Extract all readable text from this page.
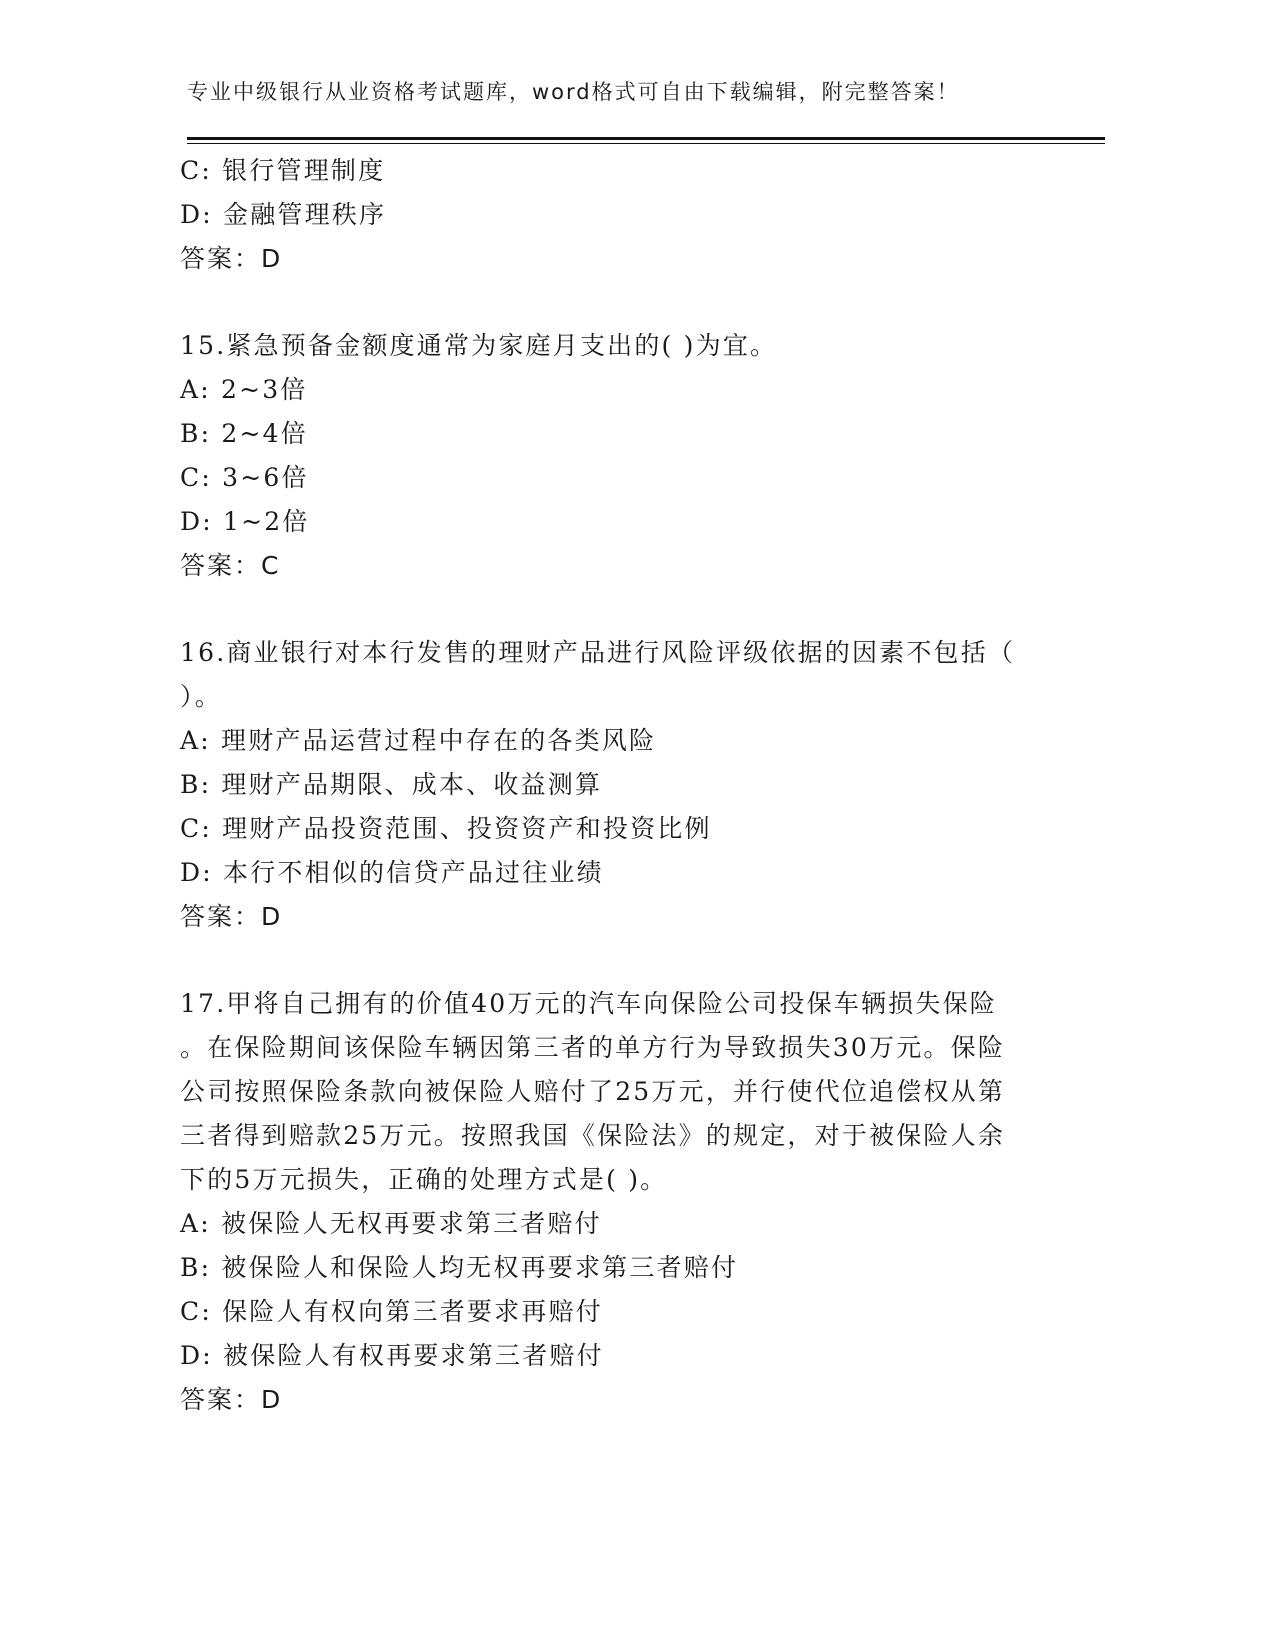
专业中级银行从业资格考试题库，word格式可自由下载编辑，附完整答案！
C: 银行管理制度
D: 金融管理秩序
答案：D
15.紧急预备金额度通常为家庭月支出的( )为宜。
A: 2~3倍
B: 2~4倍
C: 3~6倍
D: 1~2倍
答案：C
16.商业银行对本行发售的理财产品进行风险评级依据的因素不包括（
）。
A: 理财产品运营过程中存在的各类风险
B: 理财产品期限、成本、收益测算
C: 理财产品投资范围、投资资产和投资比例
D: 本行不相似的信贷产品过往业绩
答案：D
17.甲将自己拥有的价值40万元的汽车向保险公司投保车辆损失保险
。在保险期间该保险车辆因第三者的单方行为导致损失30万元。保险
公司按照保险条款向被保险人赔付了25万元，并行使代位追偿权从第
三者得到赔款25万元。按照我国《保险法》的规定，对于被保险人余
下的5万元损失，正确的处理方式是( )。
A: 被保险人无权再要求第三者赔付
B: 被保险人和保险人均无权再要求第三者赔付
C: 保险人有权向第三者要求再赔付
D: 被保险人有权再要求第三者赔付
答案：D
